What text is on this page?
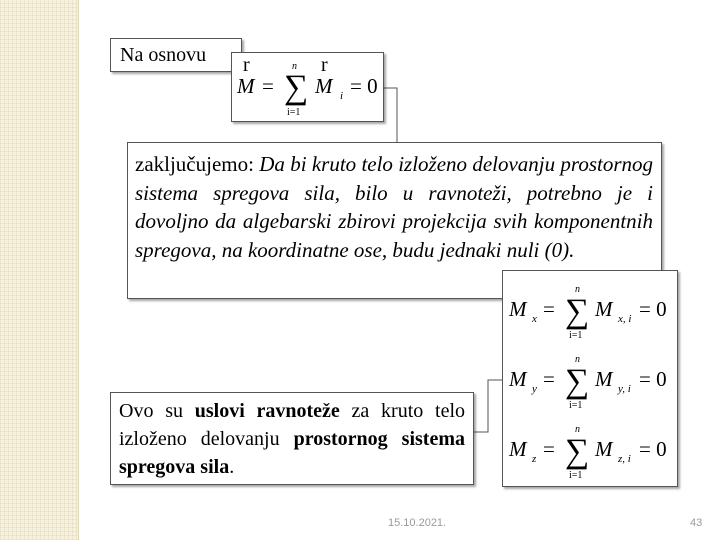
Na osnovu	r
M =
n
∑
i=1
r
M i = 0
zaključujemo: Da bi kruto telo izloženo delovanju prostornog sistema spregova sila, bilo u ravnoteži, potrebno je i dovoljno da algebarski zbirovi projekcija svih komponentnih spregova, na koordinatne ose, budu jednaki nuli (0).
M x =
n
∑
i=1
M x, i = 0
M y =
n
∑
i=1
M y, i = 0
M z =
n
∑
i=1
M z, i = 0
Ovo su uslovi ravnoteže za kruto telo izloženo delovanju prostornog sistema spregova sila.
15.10.2021.	43
